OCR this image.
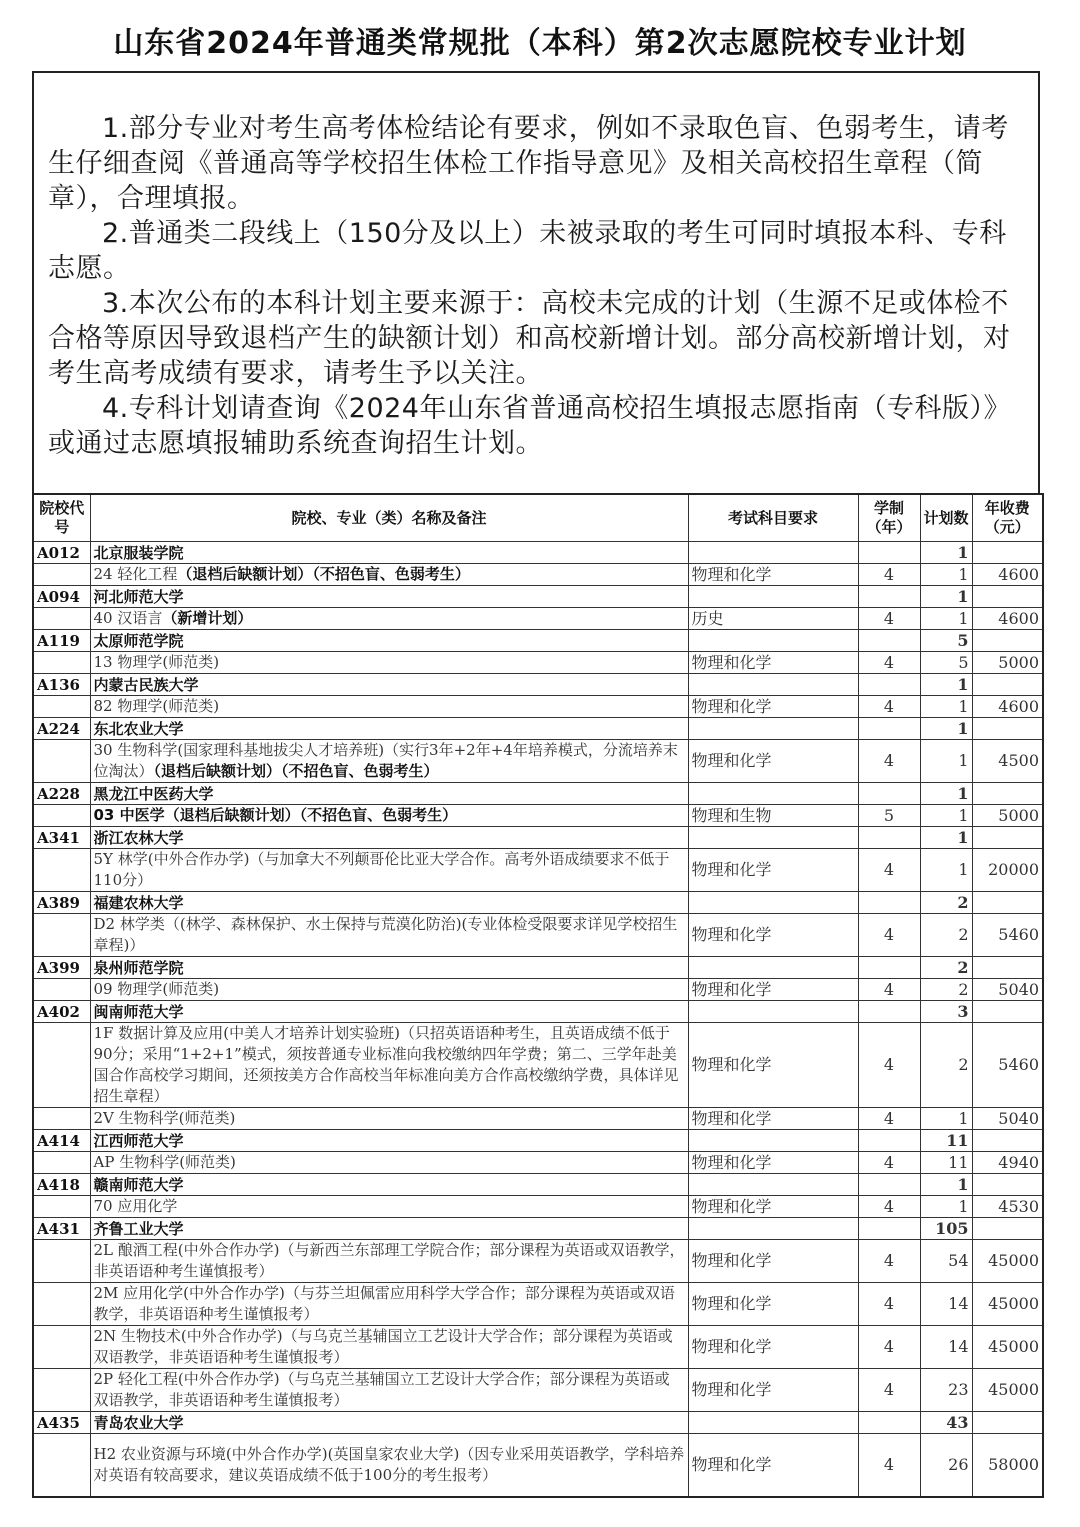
山东省2024年普通类常规批（本科）第2次志愿院校专业计划

1.部分专业对考生高考体检结论有要求，例如不录取色盲、色弱考生，请考生仔细查阅《普通高等学校招生体检工作指导意见》及相关高校招生章程（简章），合理填报。

2.普通类二段线上（150分及以上）未被录取的考生可同时填报本科、专科志愿。

3.本次公布的本科计划主要来源于：高校未完成的计划（生源不足或体检不合格等原因导致退档产生的缺额计划）和高校新增计划。部分高校新增计划，对考生高考成绩有要求，请考生予以关注。

4.专科计划请查询《2024年山东省普通高校招生填报志愿指南（专科版）》或通过志愿填报辅助系统查询招生计划。

院校代号	院校、专业（类）名称及备注	考试科目要求	学制（年）	计划数	年收费（元）
A012	北京服装学院			1	
	24 轻化工程（退档后缺额计划）（不招色盲、色弱考生）	物理和化学	4	1	4600
A094	河北师范大学			1	
	40 汉语言（新增计划）	历史	4	1	4600
A119	太原师范学院			5	
	13 物理学(师范类)	物理和化学	4	5	5000
A136	内蒙古民族大学			1	
	82 物理学(师范类)	物理和化学	4	1	4600
A224	东北农业大学			1	
	30 生物科学(国家理科基地拔尖人才培养班)（实行3年+2年+4年培养模式，分流培养末位淘汰）（退档后缺额计划）（不招色盲、色弱考生）	物理和化学	4	1	4500
A228	黑龙江中医药大学			1	
	03 中医学（退档后缺额计划）（不招色盲、色弱考生）	物理和生物	5	1	5000
A341	浙江农林大学			1	
	5Y 林学(中外合作办学)（与加拿大不列颠哥伦比亚大学合作。高考外语成绩要求不低于110分）	物理和化学	4	1	20000
A389	福建农林大学			2	
	D2 林学类（(林学、森林保护、水土保持与荒漠化防治)(专业体检受限要求详见学校招生章程)）	物理和化学	4	2	5460
A399	泉州师范学院			2	
	09 物理学(师范类)	物理和化学	4	2	5040
A402	闽南师范大学			3	
	1F 数据计算及应用(中美人才培养计划实验班)（只招英语语种考生，且英语成绩不低于90分；采用“1+2+1”模式，须按普通专业标准向我校缴纳四年学费；第二、三学年赴美国合作高校学习期间，还须按美方合作高校当年标准向美方合作高校缴纳学费，具体详见招生章程）	物理和化学	4	2	5460
	2V 生物科学(师范类)	物理和化学	4	1	5040
A414	江西师范大学			11	
	AP 生物科学(师范类)	物理和化学	4	11	4940
A418	赣南师范大学			1	
	70 应用化学	物理和化学	4	1	4530
A431	齐鲁工业大学			105	
	2L 酿酒工程(中外合作办学)（与新西兰东部理工学院合作；部分课程为英语或双语教学，非英语语种考生谨慎报考）	物理和化学	4	54	45000
	2M 应用化学(中外合作办学)（与芬兰坦佩雷应用科学大学合作；部分课程为英语或双语教学，非英语语种考生谨慎报考）	物理和化学	4	14	45000
	2N 生物技术(中外合作办学)（与乌克兰基辅国立工艺设计大学合作；部分课程为英语或双语教学，非英语语种考生谨慎报考）	物理和化学	4	14	45000
	2P 轻化工程(中外合作办学)（与乌克兰基辅国立工艺设计大学合作；部分课程为英语或双语教学，非英语语种考生谨慎报考）	物理和化学	4	23	45000
A435	青岛农业大学			43	
	H2 农业资源与环境(中外合作办学)(英国皇家农业大学)（因专业采用英语教学，学科培养对英语有较高要求，建议英语成绩不低于100分的考生报考）	物理和化学	4	26	58000
